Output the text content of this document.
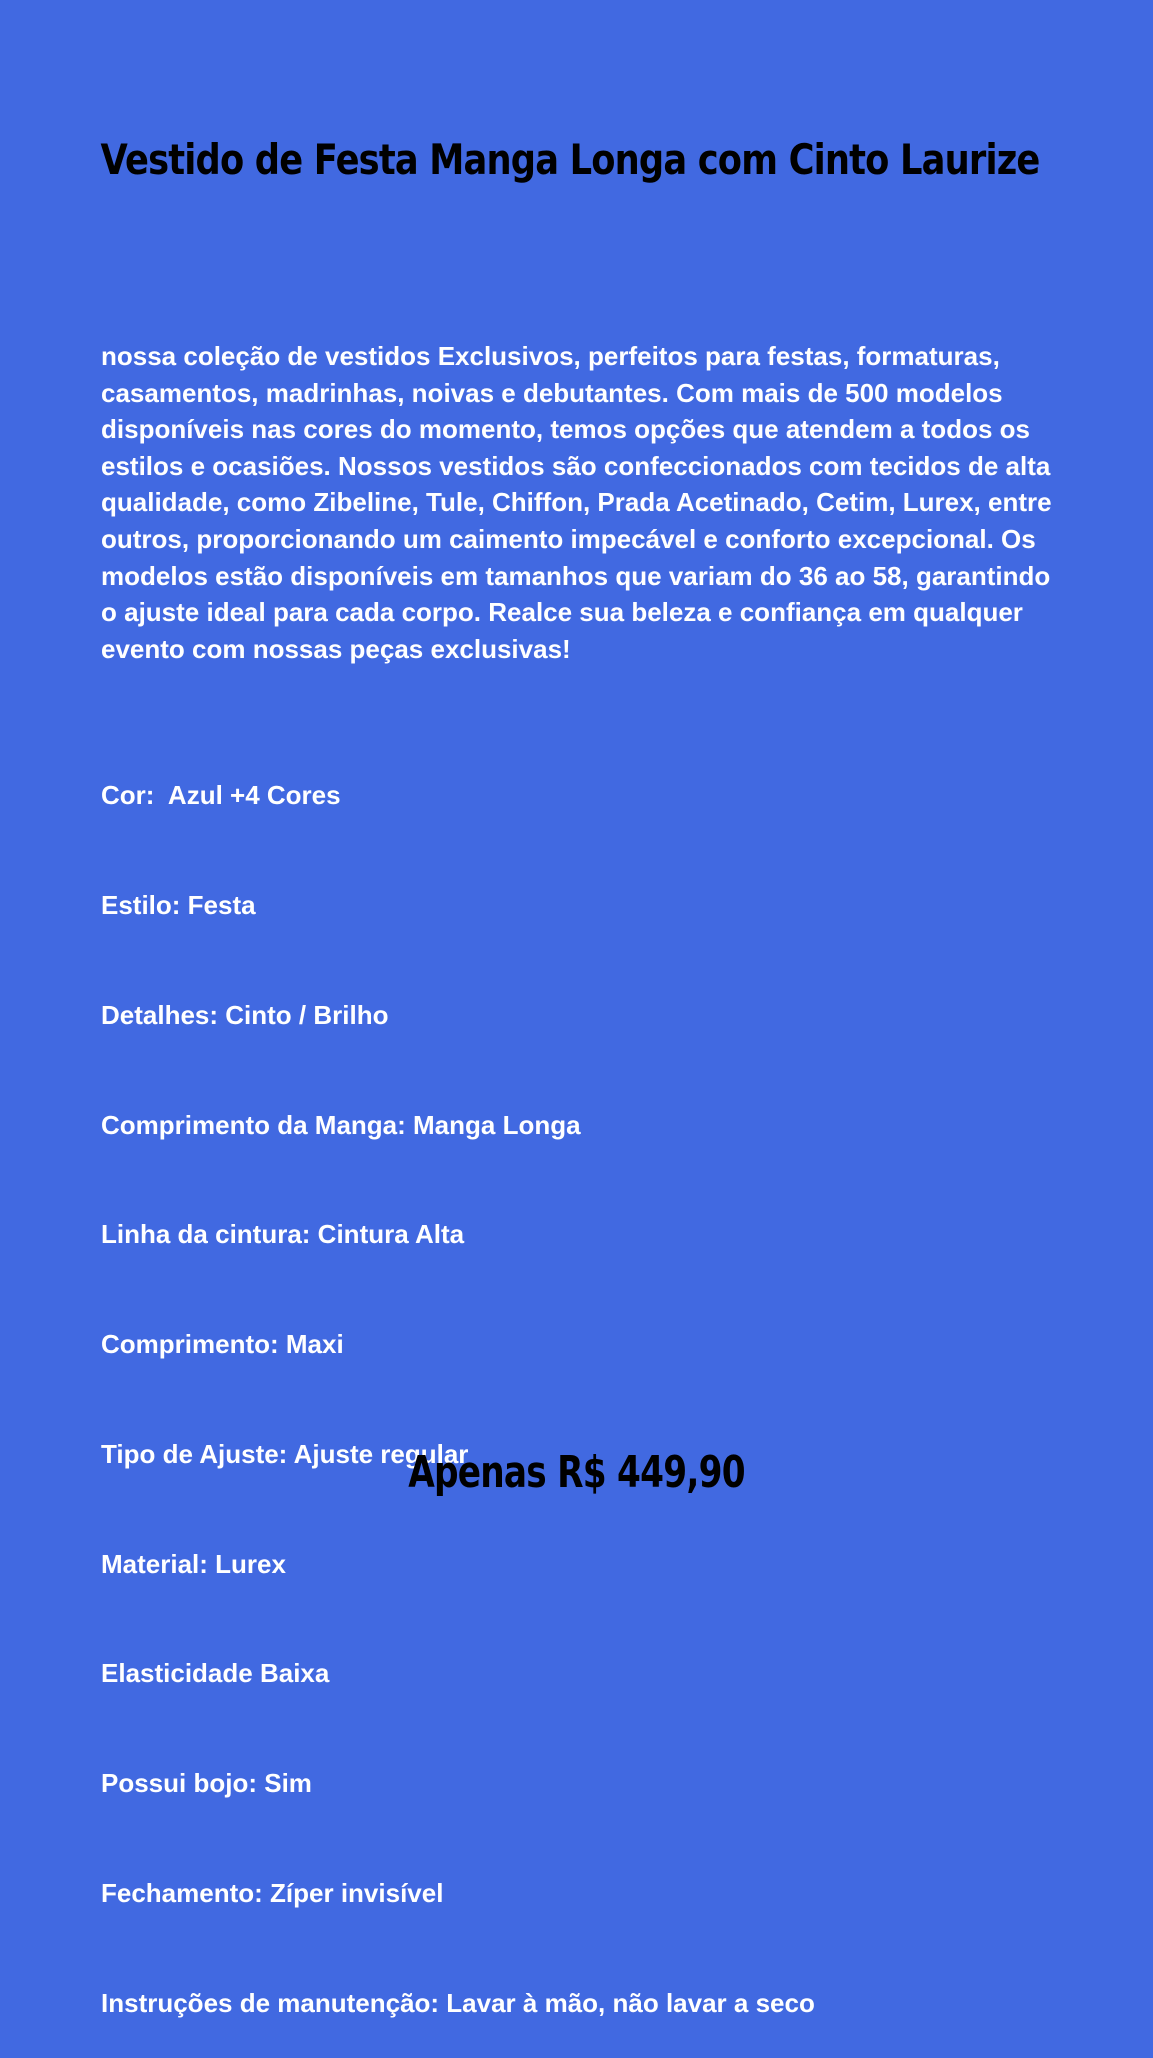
Vestido de Festa Manga Longa com Cinto Laurize

nossa coleção de vestidos Exclusivos, perfeitos para festas, formaturas, casamentos, madrinhas, noivas e debutantes. Com mais de 500 modelos disponíveis nas cores do momento, temos opções que atendem a todos os estilos e ocasiões. Nossos vestidos são confeccionados com tecidos de alta qualidade, como Zibeline, Tule, Chiffon, Prada Acetinado, Cetim, Lurex, entre outros, proporcionando um caimento impecável e conforto excepcional. Os modelos estão disponíveis em tamanhos que variam do 36 ao 58, garantindo o ajuste ideal para cada corpo. Realce sua beleza e confiança em qualquer evento com nossas peças exclusivas!

Cor:  Azul +4 Cores

Estilo: Festa

Detalhes: Cinto / Brilho

Comprimento da Manga: Manga Longa

Linha da cintura: Cintura Alta

Comprimento: Maxi

Tipo de Ajuste: Ajuste regular

Material: Lurex

Elasticidade Baixa

Possui bojo: Sim

Fechamento: Zíper invisível

Instruções de manutenção: Lavar à mão, não lavar a seco

Apenas R$ 449,90
